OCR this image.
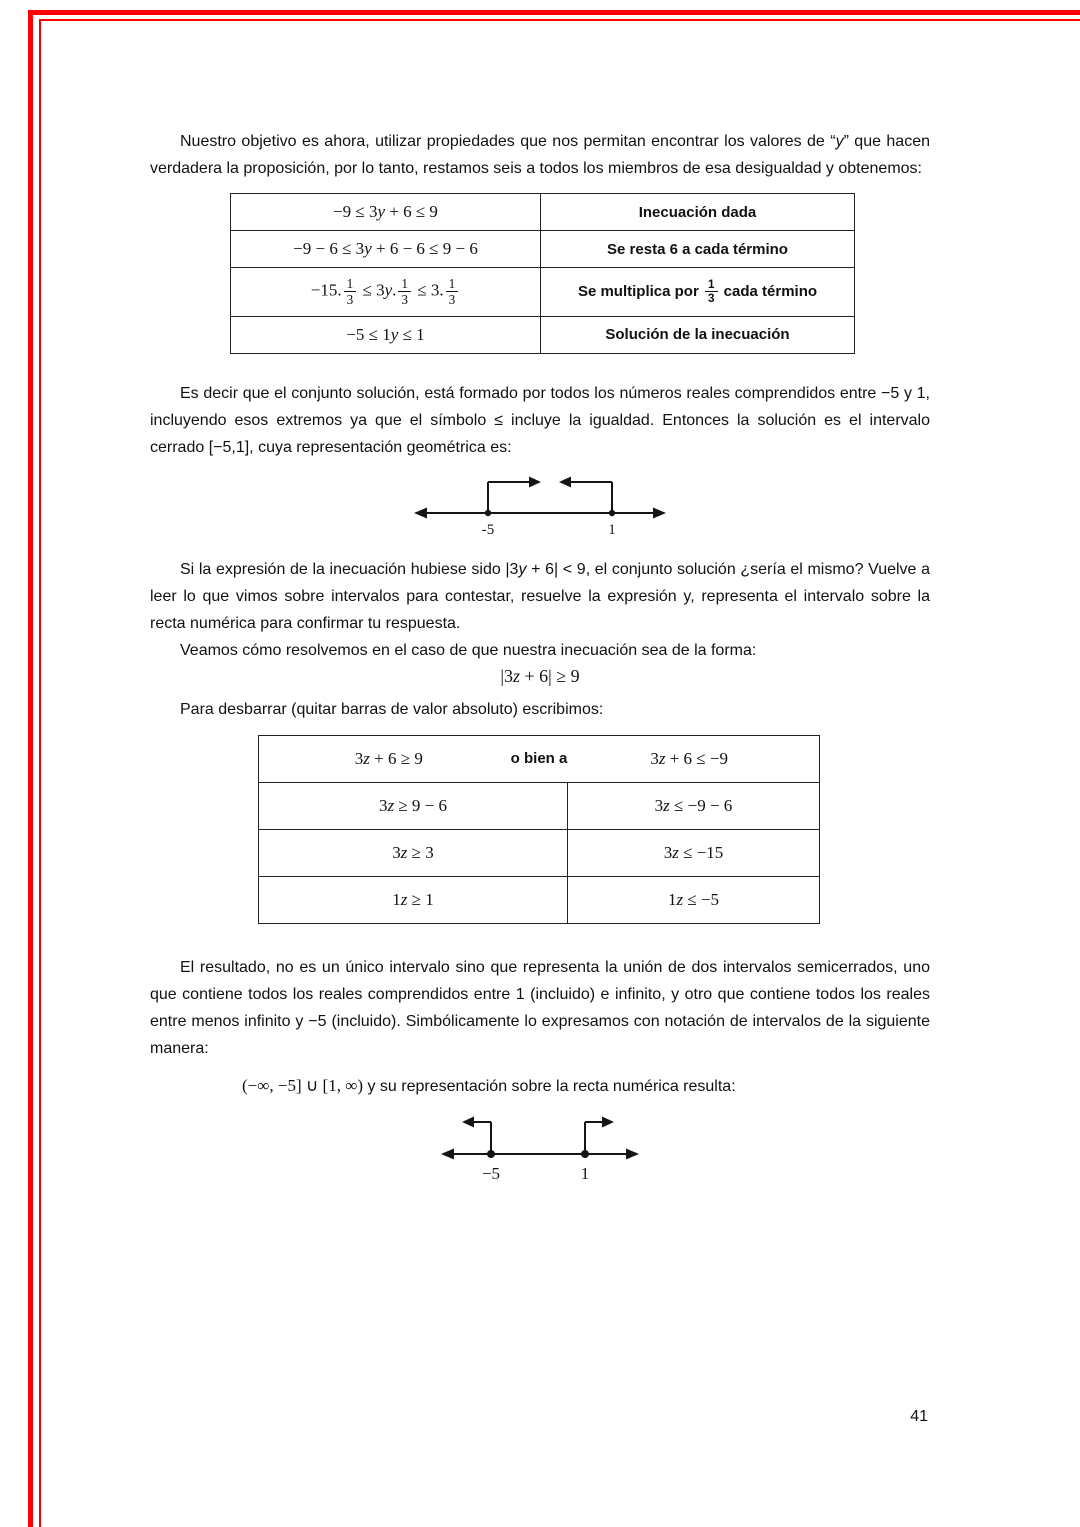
Nuestro objetivo es ahora, utilizar propiedades que nos permitan encontrar los valores de “y” que hacen verdadera la proposición, por lo tanto, restamos seis a todos los miembros de esa desigualdad y obtenemos:

−9 ≤ 3y + 6 ≤ 9	Inecuación dada
−9 − 6 ≤ 3y + 6 − 6 ≤ 9 − 6	Se resta 6 a cada término
−15. $\frac{1}{3} \le 3y$. $\frac{1}{3} \le 3$. $\frac{1}{3}$	Se multiplica por $\frac{1}{3}$ cada término
−5 ≤ 1y ≤ 1	Solución de la inecuación

Es decir que el conjunto solución, está formado por todos los números reales comprendidos entre −5 y 1, incluyendo esos extremos ya que el símbolo ≤ incluye la igualdad. Entonces la solución es el intervalo cerrado [−5,1], cuya representación geométrica es:

-5	1

Si la expresión de la inecuación hubiese sido |3y + 6| < 9, el conjunto solución ¿sería el mismo? Vuelve a leer lo que vimos sobre intervalos para contestar, resuelve la expresión y, representa el intervalo sobre la recta numérica para confirmar tu respuesta.

Veamos cómo resolvemos en el caso de que nuestra inecuación sea de la forma:

|3z + 6| ≥ 9

Para desbarrar (quitar barras de valor absoluto) escribimos:

3z + 6 ≥ 9 o bien a 3z + 6 ≤ −9	

3z ≥ 9 − 6	3z ≤ −9 − 6
3z ≥ 3	3z ≤ −15
1z ≥ 1	1z ≤ −5

El resultado, no es un único intervalo sino que representa la unión de dos intervalos semicerrados, uno que contiene todos los reales comprendidos entre 1 (incluido) e infinito, y otro que contiene todos los reales entre menos infinito y −5 (incluido). Simbólicamente lo expresamos con notación de intervalos de la siguiente manera:

(−∞, −5] ∪ [1, ∞) y su representación sobre la recta numérica resulta:
−5	1
41
